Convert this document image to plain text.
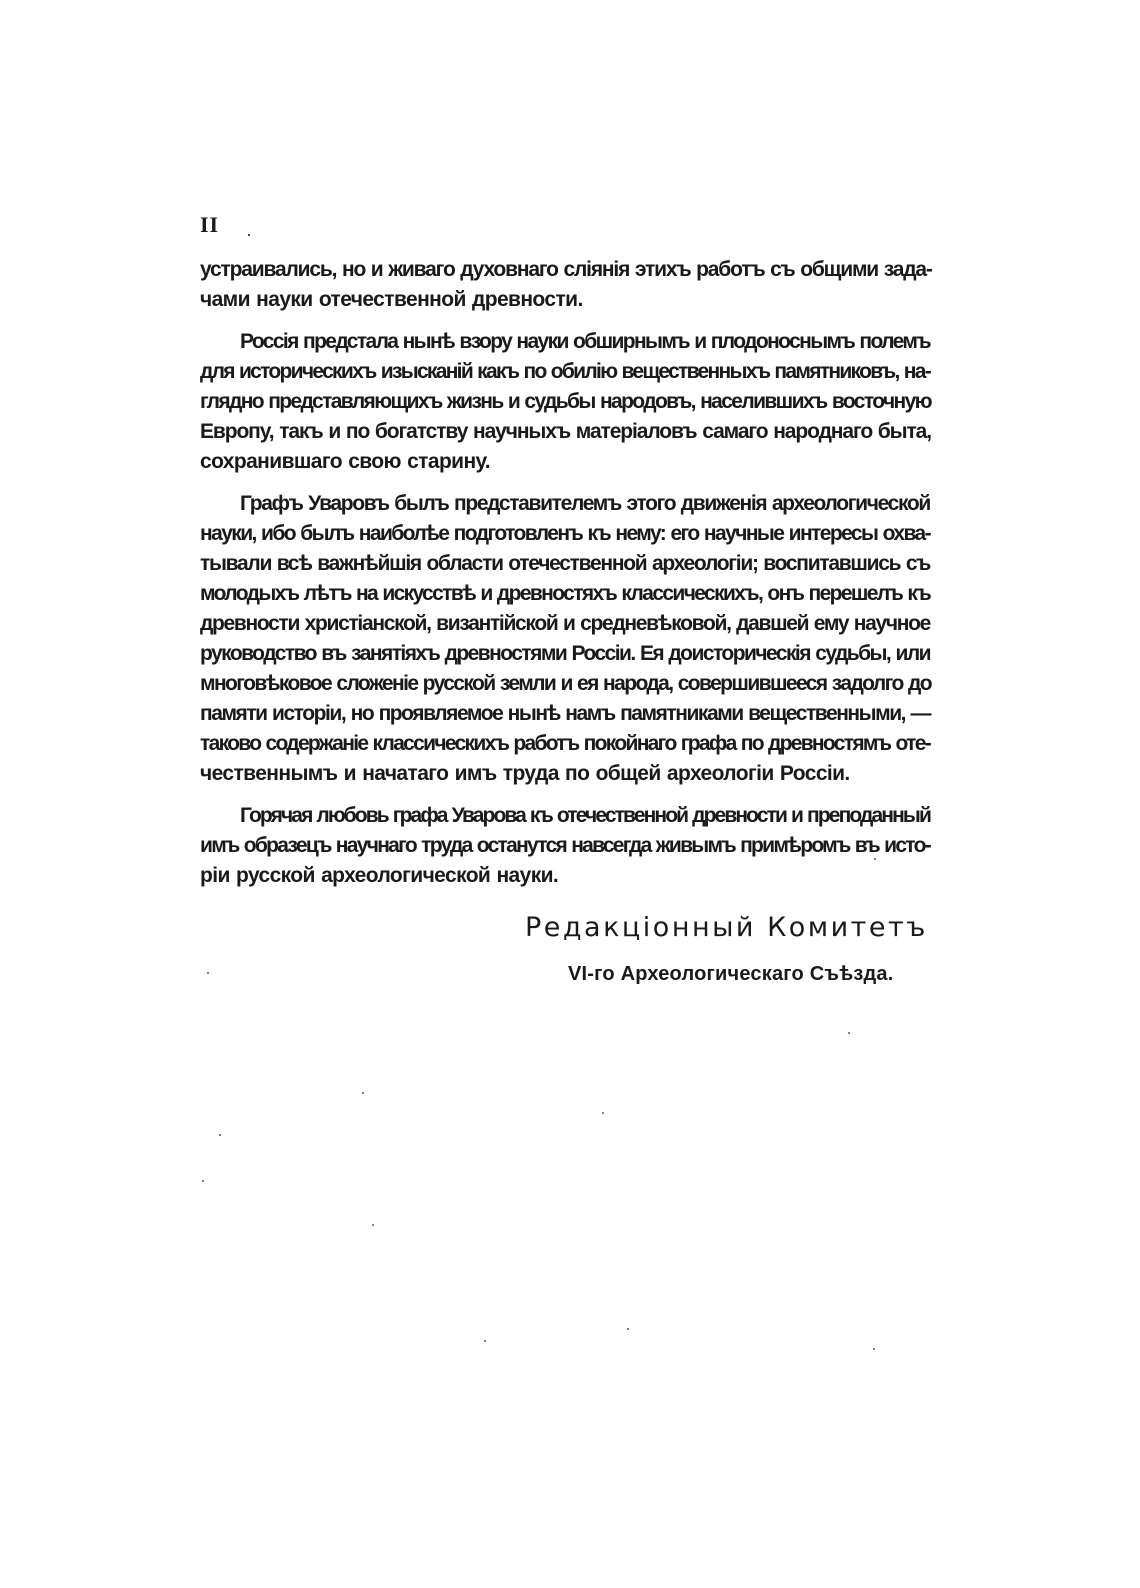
II
устраивались, но и живаго духовнаго сліянія этихъ работъ съ общими зада-
чами науки отечественной древности.
Россія предстала нынѣ взору науки обширнымъ и плодоноснымъ полемъ
для историческихъ изысканій какъ по обилію вещественныхъ памятниковъ, на-
глядно представляющихъ жизнь и судьбы народовъ, населившихъ восточную
Европу, такъ и по богатству научныхъ матеріаловъ самаго народнаго быта,
сохранившаго свою старину.
Графъ Уваровъ былъ представителемъ этого движенія археологической
науки, ибо былъ наиболѣе подготовленъ къ нему: его научные интересы охва-
тывали всѣ важнѣйшія области отечественной археологіи; воспитавшись съ
молодыхъ лѣтъ на искусствѣ и древностяхъ классическихъ, онъ перешелъ къ
древности христіанской, византійской и средневѣковой, давшей ему научное
руководство въ занятіяхъ древностями Россіи. Ея доисторическія судьбы, или
многовѣковое сложеніе русской земли и ея народа, совершившееся задолго до
памяти исторіи, но проявляемое нынѣ намъ памятниками вещественными, —
таково содержаніе классическихъ работъ покойнаго графа по древностямъ оте-
чественнымъ и начатаго имъ труда по общей археологіи Россіи.
Горячая любовь графа Уварова къ отечественной древности и преподанный
имъ образецъ научнаго труда останутся навсегда живымъ примѣромъ въ исто-
ріи русской археологической науки.
Редакціонный Комитетъ
VI-го Археологическаго Съѣзда.
